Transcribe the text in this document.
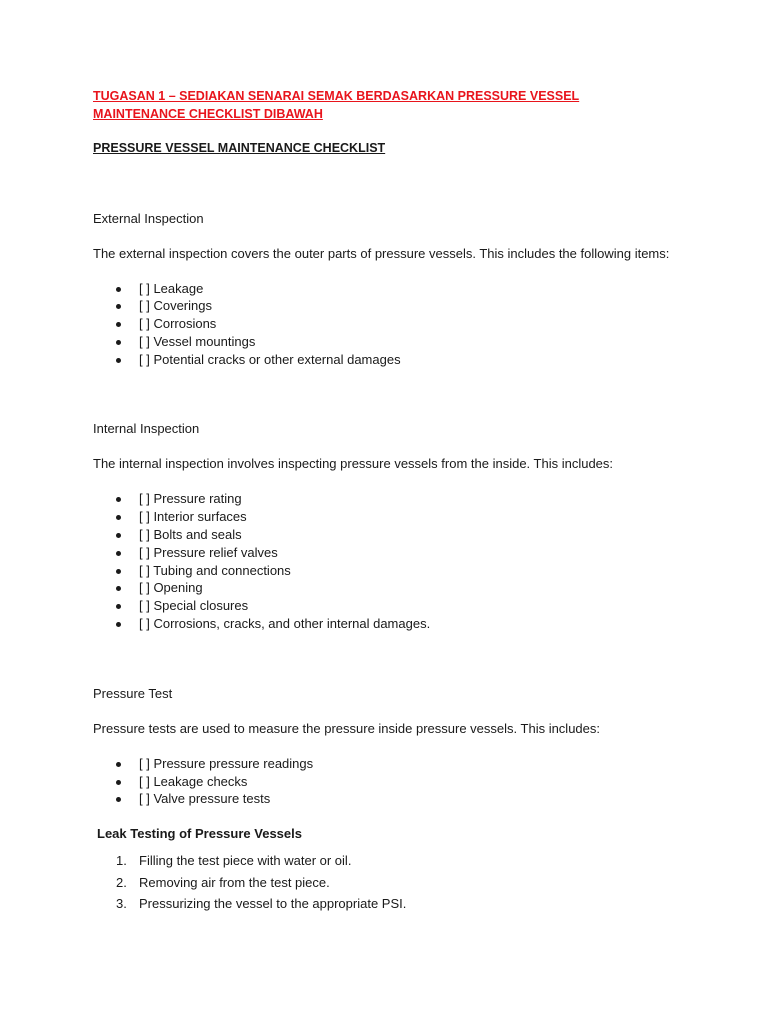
TUGASAN 1 – SEDIAKAN SENARAI SEMAK BERDASARKAN PRESSURE VESSEL
MAINTENANCE CHECKLIST DIBAWAH

PRESSURE VESSEL MAINTENANCE CHECKLIST

External Inspection

The external inspection covers the outer parts of pressure vessels. This includes the following items:

[ ] Leakage
[ ] Coverings
[ ] Corrosions
[ ] Vessel mountings
[ ] Potential cracks or other external damages

Internal Inspection

The internal inspection involves inspecting pressure vessels from the inside. This includes:

[ ] Pressure rating
[ ] Interior surfaces
[ ] Bolts and seals
[ ] Pressure relief valves
[ ] Tubing and connections
[ ] Opening
[ ] Special closures
[ ] Corrosions, cracks, and other internal damages.

Pressure Test

Pressure tests are used to measure the pressure inside pressure vessels. This includes:

[ ] Pressure pressure readings
[ ] Leakage checks
[ ] Valve pressure tests

Leak Testing of Pressure Vessels

1. Filling the test piece with water or oil.
2. Removing air from the test piece.
3. Pressurizing the vessel to the appropriate PSI.
